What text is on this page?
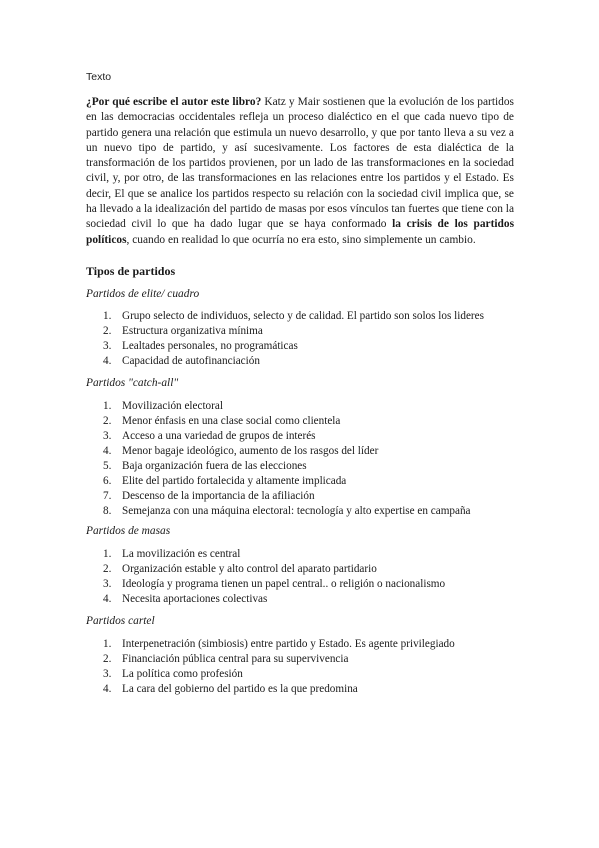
Texto

¿Por qué escribe el autor este libro? Katz y Mair sostienen que la evolución de los partidos en las democracias occidentales refleja un proceso dialéctico en el que cada nuevo tipo de partido genera una relación que estimula un nuevo desarrollo, y que por tanto lleva a su vez a un nuevo tipo de partido, y así sucesivamente. Los factores de esta dialéctica de la transformación de los partidos provienen, por un lado de las transformaciones en la sociedad civil, y, por otro, de las transformaciones en las relaciones entre los partidos y el Estado. Es decir, El que se analice los partidos respecto su relación con la sociedad civil implica que, se ha llevado a la idealización del partido de masas por esos vínculos tan fuertes que tiene con la sociedad civil lo que ha dado lugar que se haya conformado la crisis de los partidos políticos, cuando en realidad lo que ocurría no era esto, sino simplemente un cambio.

Tipos de partidos

Partidos de elite/ cuadro

1. Grupo selecto de individuos, selecto y de calidad. El partido son solos los lideres
2. Estructura organizativa mínima
3. Lealtades personales, no programáticas
4. Capacidad de autofinanciación

Partidos "catch-all"

1. Movilización electoral
2. Menor énfasis en una clase social como clientela
3. Acceso a una variedad de grupos de interés
4. Menor bagaje ideológico, aumento de los rasgos del líder
5. Baja organización fuera de las elecciones
6. Elite del partido fortalecida y altamente implicada
7. Descenso de la importancia de la afiliación
8. Semejanza con una máquina electoral: tecnología y alto expertise en campaña

Partidos de masas

1. La movilización es central
2. Organización estable y alto control del aparato partidario
3. Ideología y programa tienen un papel central.. o religión o nacionalismo
4. Necesita aportaciones colectivas

Partidos cartel

1. Interpenetración (simbiosis) entre partido y Estado. Es agente privilegiado
2. Financiación pública central para su supervivencia
3. La política como profesión
4. La cara del gobierno del partido es la que predomina
